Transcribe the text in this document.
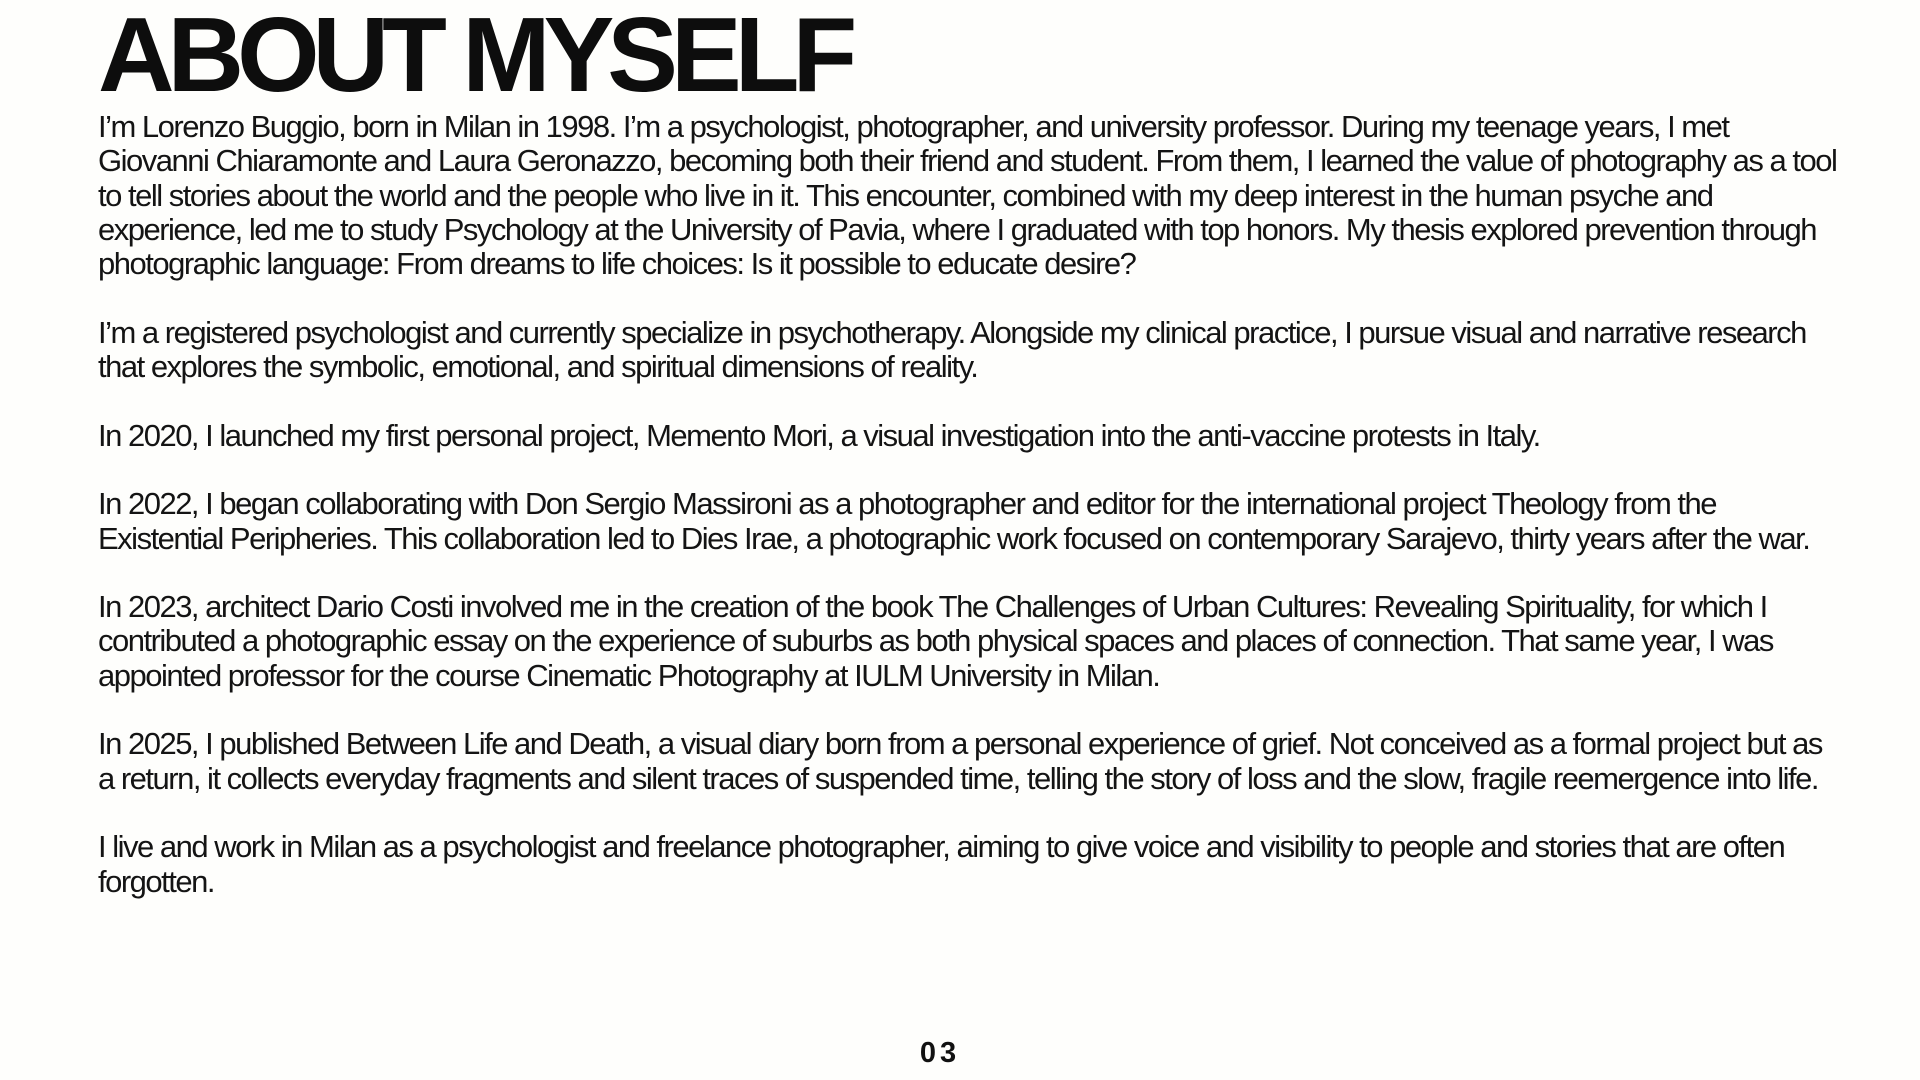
ABOUT MYSELF

I’m Lorenzo Buggio, born in Milan in 1998. I’m a psychologist, photographer, and university professor. During my teenage years, I met Giovanni Chiaramonte and Laura Geronazzo, becoming both their friend and student. From them, I learned the value of photography as a tool to tell stories about the world and the people who live in it. This encounter, combined with my deep interest in the human psyche and experience, led me to study Psychology at the University of Pavia, where I graduated with top honors. My thesis explored prevention through photographic language: From dreams to life choices: Is it possible to educate desire?

I’m a registered psychologist and currently specialize in psychotherapy. Alongside my clinical practice, I pursue visual and narrative research that explores the symbolic, emotional, and spiritual dimensions of reality.

In 2020, I launched my first personal project, Memento Mori, a visual investigation into the anti-vaccine protests in Italy.

In 2022, I began collaborating with Don Sergio Massironi as a photographer and editor for the international project Theology from the Existential Peripheries. This collaboration led to Dies Irae, a photographic work focused on contemporary Sarajevo, thirty years after the war.

In 2023, architect Dario Costi involved me in the creation of the book The Challenges of Urban Cultures: Revealing Spirituality, for which I contributed a photographic essay on the experience of suburbs as both physical spaces and places of connection. That same year, I was appointed professor for the course Cinematic Photography at IULM University in Milan.

In 2025, I published Between Life and Death, a visual diary born from a personal experience of grief. Not conceived as a formal project but as a return, it collects everyday fragments and silent traces of suspended time, telling the story of loss and the slow, fragile reemergence into life.

I live and work in Milan as a psychologist and freelance photographer, aiming to give voice and visibility to people and stories that are often forgotten.

03
